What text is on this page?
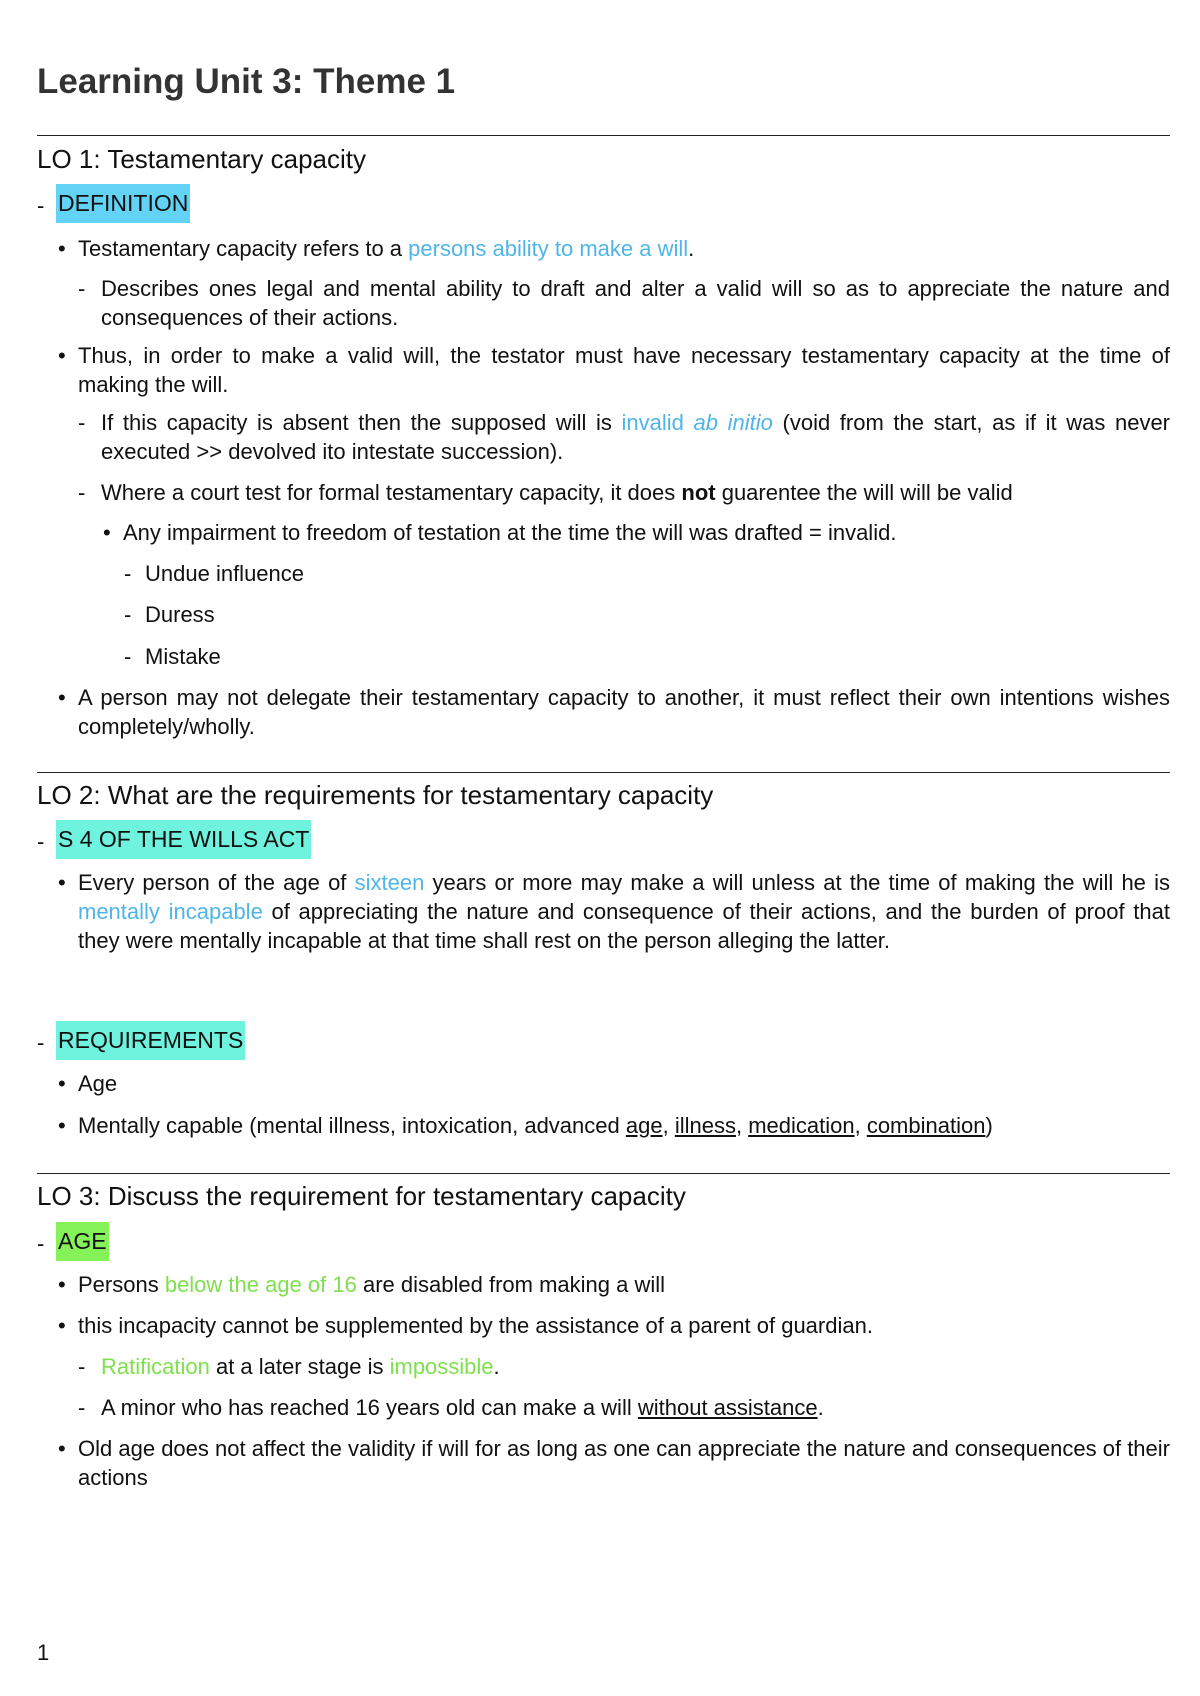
Learning Unit 3: Theme 1
LO 1: Testamentary capacity
- DEFINITION
• Testamentary capacity refers to a persons ability to make a will.
- Describes ones legal and mental ability to draft and alter a valid will so as to appreciate the nature and consequences of their actions.
• Thus, in order to make a valid will, the testator must have necessary testamentary capacity at the time of making the will.
- If this capacity is absent then the supposed will is invalid ab initio (void from the start, as if it was never executed >> devolved ito intestate succession).
- Where a court test for formal testamentary capacity, it does not guarentee the will will be valid
• Any impairment to freedom of testation at the time the will was drafted = invalid.
- Undue influence
- Duress
- Mistake
• A person may not delegate their testamentary capacity to another, it must reflect their own intentions wishes completely/wholly.
LO 2: What are the requirements for testamentary capacity
- S 4 OF THE WILLS ACT
• Every person of the age of sixteen years or more may make a will unless at the time of making the will he is mentally incapable of appreciating the nature and consequence of their actions, and the burden of proof that they were mentally incapable at that time shall rest on the person alleging the latter.
- REQUIREMENTS
• Age
• Mentally capable (mental illness, intoxication, advanced age, illness, medication, combination)
LO 3: Discuss the requirement for testamentary capacity
- AGE
• Persons below the age of 16 are disabled from making a will
• this incapacity cannot be supplemented by the assistance of a parent of guardian.
- Ratification at a later stage is impossible.
- A minor who has reached 16 years old can make a will without assistance.
• Old age does not affect the validity if will for as long as one can appreciate the nature and consequences of their actions
1
